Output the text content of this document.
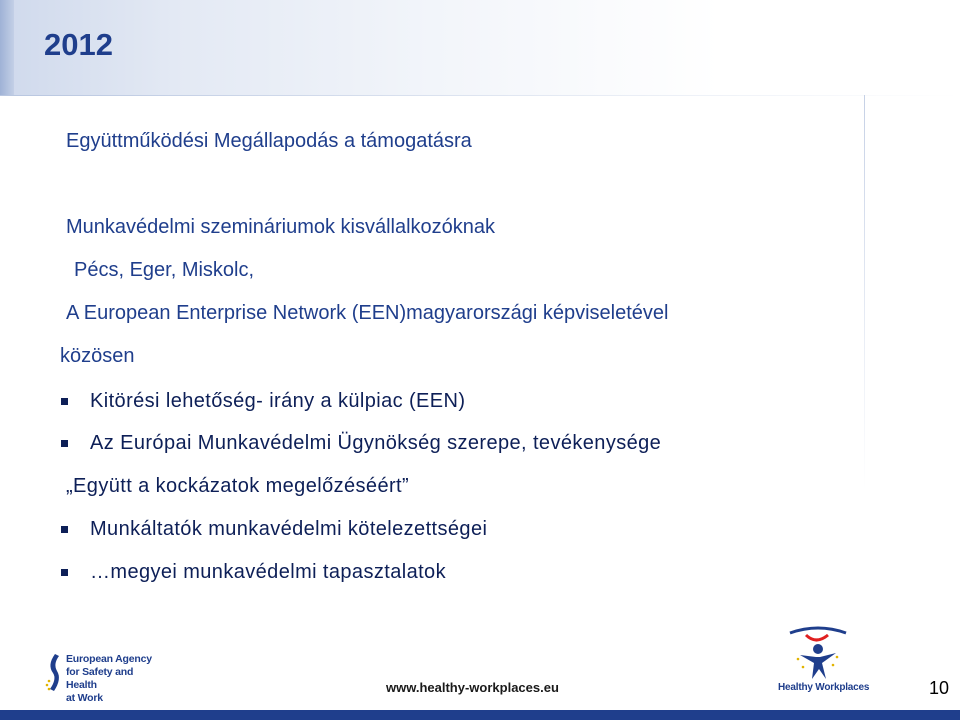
2012
Együttműködési Megállapodás a támogatásra
Munkavédelmi szemináriumok kisvállalkozóknak
Pécs, Eger, Miskolc,
A European Enterprise Network (EEN)magyarországi képviseletével
közösen
Kitörési lehetőség- irány a külpiac (EEN)
Az Európai Munkavédelmi Ügynökség szerepe, tevékenysége
„Együtt a kockázatok megelőzéséért”
Munkáltatók munkavédelmi kötelezettségei
…megyei munkavédelmi tapasztalatok
European Agency
for Safety and Health
at Work
www.healthy-workplaces.eu	Healthy Workplaces	10
